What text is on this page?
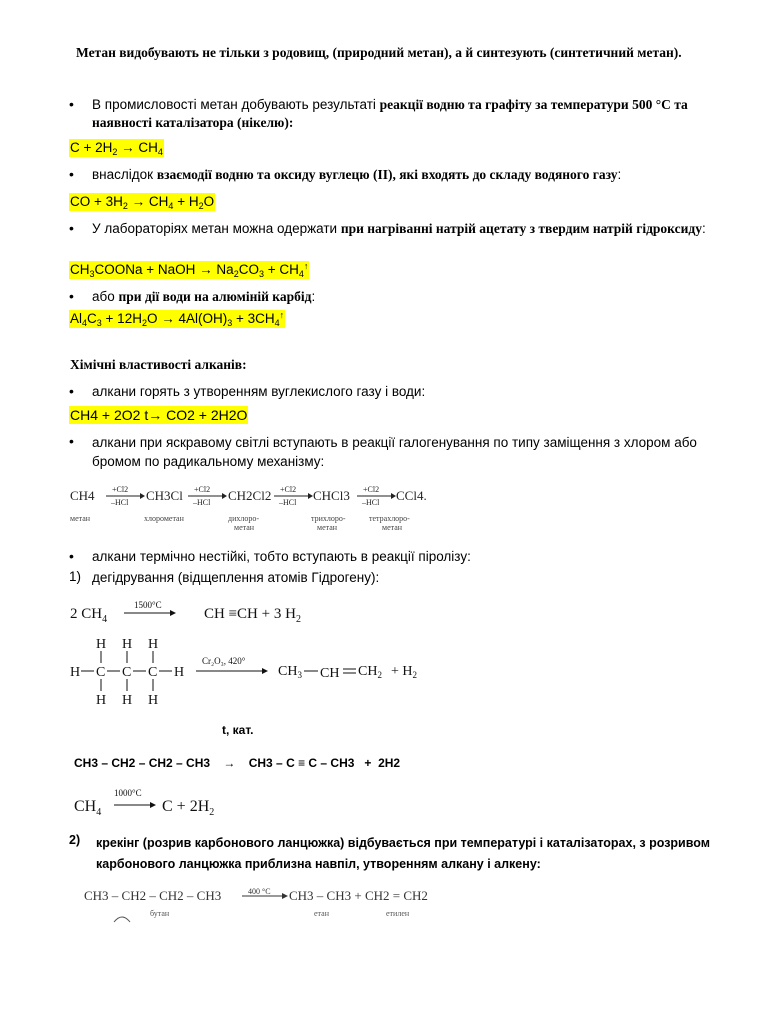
Метан видобувають не тільки з родовищ, (природний метан), а й синтезують (синтетичний метан).
• В промисловості метан добувають результаті реакції водню та графіту за температури 500 °С та наявності каталізатора (нікелю):
$C + 2H_2 \to CH_4$
• внаслідок взаємодії водню та оксиду вуглецю (II), які входять до складу водяного газу:
CO + $3H_2 \to CH_4 + H_2O$
• У лабораторіях метан можна одержати при нагріванні натрій ацетату з твердим натрій гідроксиду:
$CH_3COONa$ + NaOH → $Na_2CO_3 + CH_4^↑$
• або при дії води на алюміній карбід:
$Al_4C_3 + 12H_2O \to 4Al(OH)_3 + 3CH_4^↑$
Хімічні властивості алканів:
• алкани горять з утворенням вуглекислого газу і води:
CH4 + 2O2 t→ CO2 + 2H2O
• алкани при яскравому світлі вступають в реакції галогенування по типу заміщення з хлором або бромом по радикальному механізму:
CH4	CH3Cl	CH2Cl2	CHCl3	CCl4.
+Cl2
–HCl
+Cl2
–HCl
+Cl2
–HCl
+Cl2
–HCl
метан	хлорометан	дихлоро-
метан
трихлоро-
метан
тетрахлоро-
метан
• алкани термічно нестійкі, тобто вступають в реакції піролізу:
1) дегідрування (відщеплення атомів Гідрогену):
2 $CH_4$
1500°C
CH ≡CH + 3 $H_2$
H H H
H C C C H
H H H
Cr₂O₃, 420°
$CH_3$ CH $CH_2 + H_2$
t, кат.
CH3 – CH2 – CH2 – CH3    →    CH3 – C ≡ C – CH3   +  2H2
$CH_4$
1000°C
$C + 2H_2$
2) крекінг (розрив карбонового ланцюжка) відбувається при температурі і каталізаторах, з розривом карбонового ланцюжка приблизна навпіл, утворенням алкану і алкену:
CH3 – CH2 – CH2 – CH3	400 °C CH3 – CH3 + CH2 = CH2
бутан	етан	етилен
